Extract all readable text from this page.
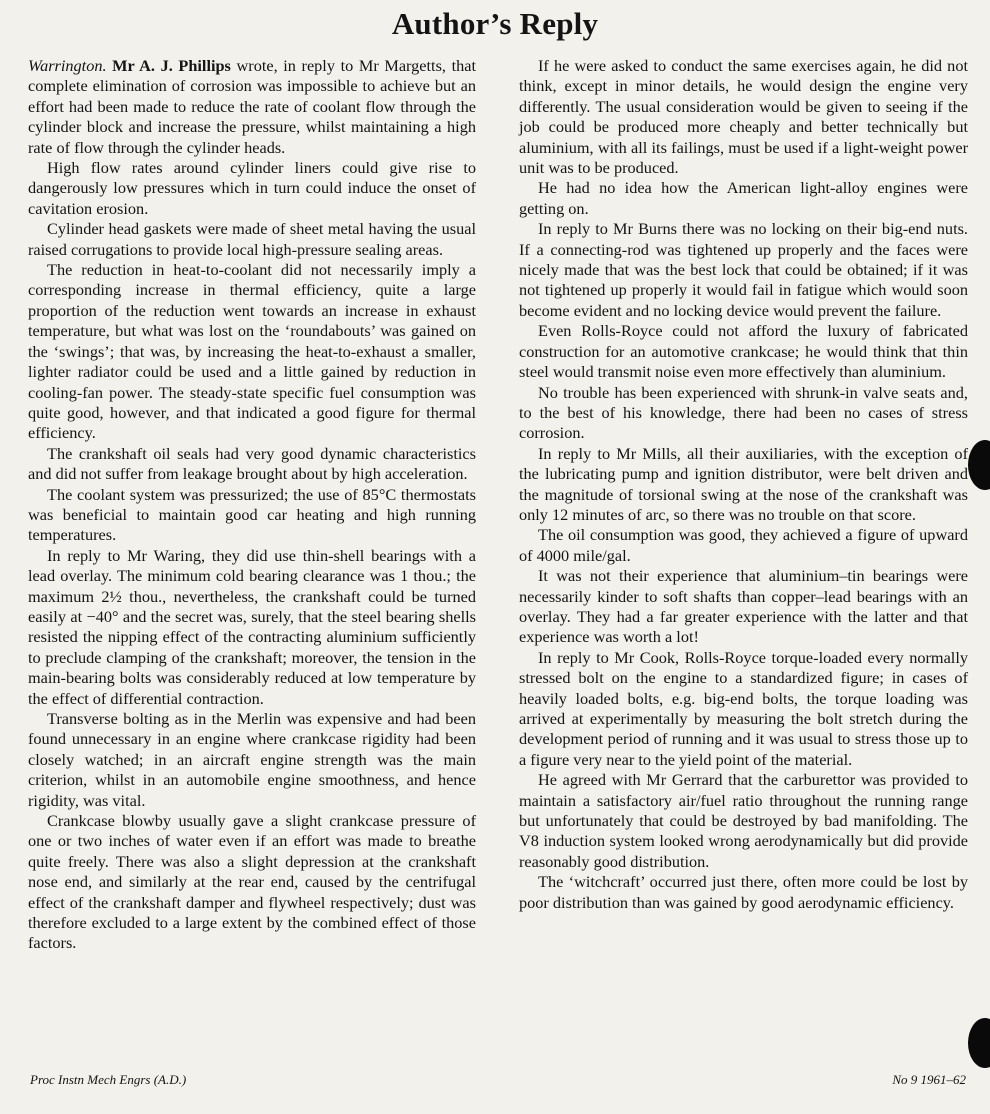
Author’s Reply

Warrington. Mr A. J. Phillips wrote, in reply to Mr Margetts, that complete elimination of corrosion was impossible to achieve but an effort had been made to reduce the rate of coolant flow through the cylinder block and increase the pressure, whilst maintaining a high rate of flow through the cylinder heads.

High flow rates around cylinder liners could give rise to dangerously low pressures which in turn could induce the onset of cavitation erosion.

Cylinder head gaskets were made of sheet metal having the usual raised corrugations to provide local high-pressure sealing areas.

The reduction in heat-to-coolant did not necessarily imply a corresponding increase in thermal efficiency, quite a large proportion of the reduction went towards an increase in exhaust temperature, but what was lost on the ‘roundabouts’ was gained on the ‘swings’; that was, by increasing the heat-to-exhaust a smaller, lighter radiator could be used and a little gained by reduction in cooling-fan power. The steady-state specific fuel consumption was quite good, however, and that indicated a good figure for thermal efficiency.

The crankshaft oil seals had very good dynamic characteristics and did not suffer from leakage brought about by high acceleration.

The coolant system was pressurized; the use of 85°C thermostats was beneficial to maintain good car heating and high running temperatures.

In reply to Mr Waring, they did use thin-shell bearings with a lead overlay. The minimum cold bearing clearance was 1 thou.; the maximum 2½ thou., nevertheless, the crankshaft could be turned easily at −40° and the secret was, surely, that the steel bearing shells resisted the nipping effect of the contracting aluminium sufficiently to preclude clamping of the crankshaft; moreover, the tension in the main-bearing bolts was considerably reduced at low temperature by the effect of differential contraction.

Transverse bolting as in the Merlin was expensive and had been found unnecessary in an engine where crankcase rigidity had been closely watched; in an aircraft engine strength was the main criterion, whilst in an automobile engine smoothness, and hence rigidity, was vital.

Crankcase blowby usually gave a slight crankcase pressure of one or two inches of water even if an effort was made to breathe quite freely. There was also a slight depression at the crankshaft nose end, and similarly at the rear end, caused by the centrifugal effect of the crankshaft damper and flywheel respectively; dust was therefore excluded to a large extent by the combined effect of those factors.

If he were asked to conduct the same exercises again, he did not think, except in minor details, he would design the engine very differently. The usual consideration would be given to seeing if the job could be produced more cheaply and better technically but aluminium, with all its failings, must be used if a light-weight power unit was to be produced.

He had no idea how the American light-alloy engines were getting on.

In reply to Mr Burns there was no locking on their big-end nuts. If a connecting-rod was tightened up properly and the faces were nicely made that was the best lock that could be obtained; if it was not tightened up properly it would fail in fatigue which would soon become evident and no locking device would prevent the failure.

Even Rolls-Royce could not afford the luxury of fabricated construction for an automotive crankcase; he would think that thin steel would transmit noise even more effectively than aluminium.

No trouble has been experienced with shrunk-in valve seats and, to the best of his knowledge, there had been no cases of stress corrosion.

In reply to Mr Mills, all their auxiliaries, with the exception of the lubricating pump and ignition distributor, were belt driven and the magnitude of torsional swing at the nose of the crankshaft was only 12 minutes of arc, so there was no trouble on that score.

The oil consumption was good, they achieved a figure of upward of 4000 mile/gal.

It was not their experience that aluminium–tin bearings were necessarily kinder to soft shafts than copper–lead bearings with an overlay. They had a far greater experience with the latter and that experience was worth a lot!

In reply to Mr Cook, Rolls-Royce torque-loaded every normally stressed bolt on the engine to a standardized figure; in cases of heavily loaded bolts, e.g. big-end bolts, the torque loading was arrived at experimentally by measuring the bolt stretch during the development period of running and it was usual to stress those up to a figure very near to the yield point of the material.

He agreed with Mr Gerrard that the carburettor was provided to maintain a satisfactory air/fuel ratio throughout the running range but unfortunately that could be destroyed by bad manifolding. The V8 induction system looked wrong aerodynamically but did provide reasonably good distribution.

The ‘witchcraft’ occurred just there, often more could be lost by poor distribution than was gained by good aerodynamic efficiency.

Proc Instn Mech Engrs (A.D.)	No 9 1961–62
